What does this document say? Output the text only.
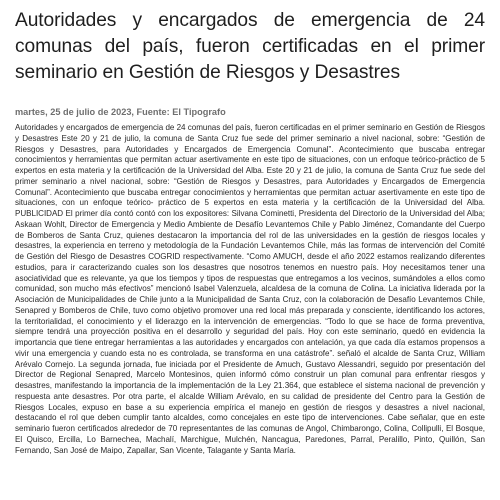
Autoridades y encargados de emergencia de 24 comunas del país, fueron certificadas en el primer seminario en Gestión de Riesgos y Desastres
martes, 25 de julio de 2023, Fuente: El Tipografo
Autoridades y encargados de emergencia de 24 comunas del país, fueron certificadas en el primer seminario en Gestión de Riesgos y Desastres Este 20 y 21 de julio, la comuna de Santa Cruz fue sede del primer seminario a nivel nacional, sobre: “Gestión de Riesgos y Desastres, para Autoridades y Encargados de Emergencia Comunal”. Acontecimiento que buscaba entregar conocimientos y herramientas que permitan actuar asertivamente en este tipo de situaciones, con un enfoque teórico-práctico de 5 expertos en esta materia y la certificación de la Universidad del Alba. Este 20 y 21 de julio, la comuna de Santa Cruz fue sede del primer seminario a nivel nacional, sobre: “Gestión de Riesgos y Desastres, para Autoridades y Encargados de Emergencia Comunal”. Acontecimiento que buscaba entregar conocimientos y herramientas que permitan actuar asertivamente en este tipo de situaciones, con un enfoque teórico- práctico de 5 expertos en esta materia y la certificación de la Universidad del Alba. PUBLICIDAD El primer día contó contó con los expositores: Silvana Cominetti, Presidenta del Directorio de la Universidad del Alba; Askaan Wohlt, Director de Emergencia y Medio Ambiente de Desafío Levantemos Chile y Pablo Jiménez, Comandante del Cuerpo de Bomberos de Santa Cruz, quienes destacaron la importancia del rol de las universidades en la gestión de riesgos locales y desastres, la experiencia en terreno y metodología de la Fundación Levantemos Chile, más las formas de intervención del Comité de Gestión del Riesgo de Desastres COGRID respectivamente. “Como AMUCH, desde el año 2022 estamos realizando diferentes estudios, para ir caracterizando cuales son los desastres que nosotros tenemos en nuestro país. Hoy necesitamos tener una asociatividad que es relevante, ya que los tiempos y tipos de respuestas que entregamos a los vecinos, sumándoles a ellos como comunidad, son mucho más efectivos” mencionó Isabel Valenzuela, alcaldesa de la comuna de Colina. La iniciativa liderada por la Asociación de Municipalidades de Chile junto a la Municipalidad de Santa Cruz, con la colaboración de Desafío Levantemos Chile, Senapred y Bomberos de Chile, tuvo como objetivo promover una red local más preparada y consciente, identificando los actores, la territorialidad, el conocimiento y el liderazgo en la intervención de emergencias. “Todo lo que se hace de forma preventiva, siempre tendrá una proyección positiva en el desarrollo y seguridad del país. Hoy con este seminario, quedó en evidencia la importancia que tiene entregar herramientas a las autoridades y encargados con antelación, ya que cada día estamos propensos a vivir una emergencia y cuando esta no es controlada, se transforma en una catástrofe”. señaló el alcalde de Santa Cruz, William Arévalo Cornejo. La segunda jornada, fue iniciada por el Presidente de Amuch, Gustavo Alessandri, seguido por presentación del Director de Regional Senapred, Marcelo Montesinos, quien informó cómo construir un plan comunal para enfrentar riesgos y desastres, manifestando la importancia de la implementación de la Ley 21.364, que establece el sistema nacional de prevención y respuesta ante desastres. Por otra parte, el alcalde William Arévalo, en su calidad de presidente del Centro para la Gestión de Riesgos Locales, expuso en base a su experiencia empírica el manejo en gestión de riesgos y desastres a nivel nacional, destacando el rol que deben cumplir tanto alcaldes, como concejales en este tipo de intervenciones. Cabe señalar, que en este seminario fueron certificados alrededor de 70 representantes de las comunas de Angol, Chimbarongo, Colina, Collipulli, El Bosque, El Quisco, Ercilla, Lo Barnechea, Machalí, Marchigue, Mulchén, Nancagua, Paredones, Parral, Peralillo, Pinto, Quillón, San Fernando, San José de Maipo, Zapallar, San Vicente, Talagante y Santa María.
